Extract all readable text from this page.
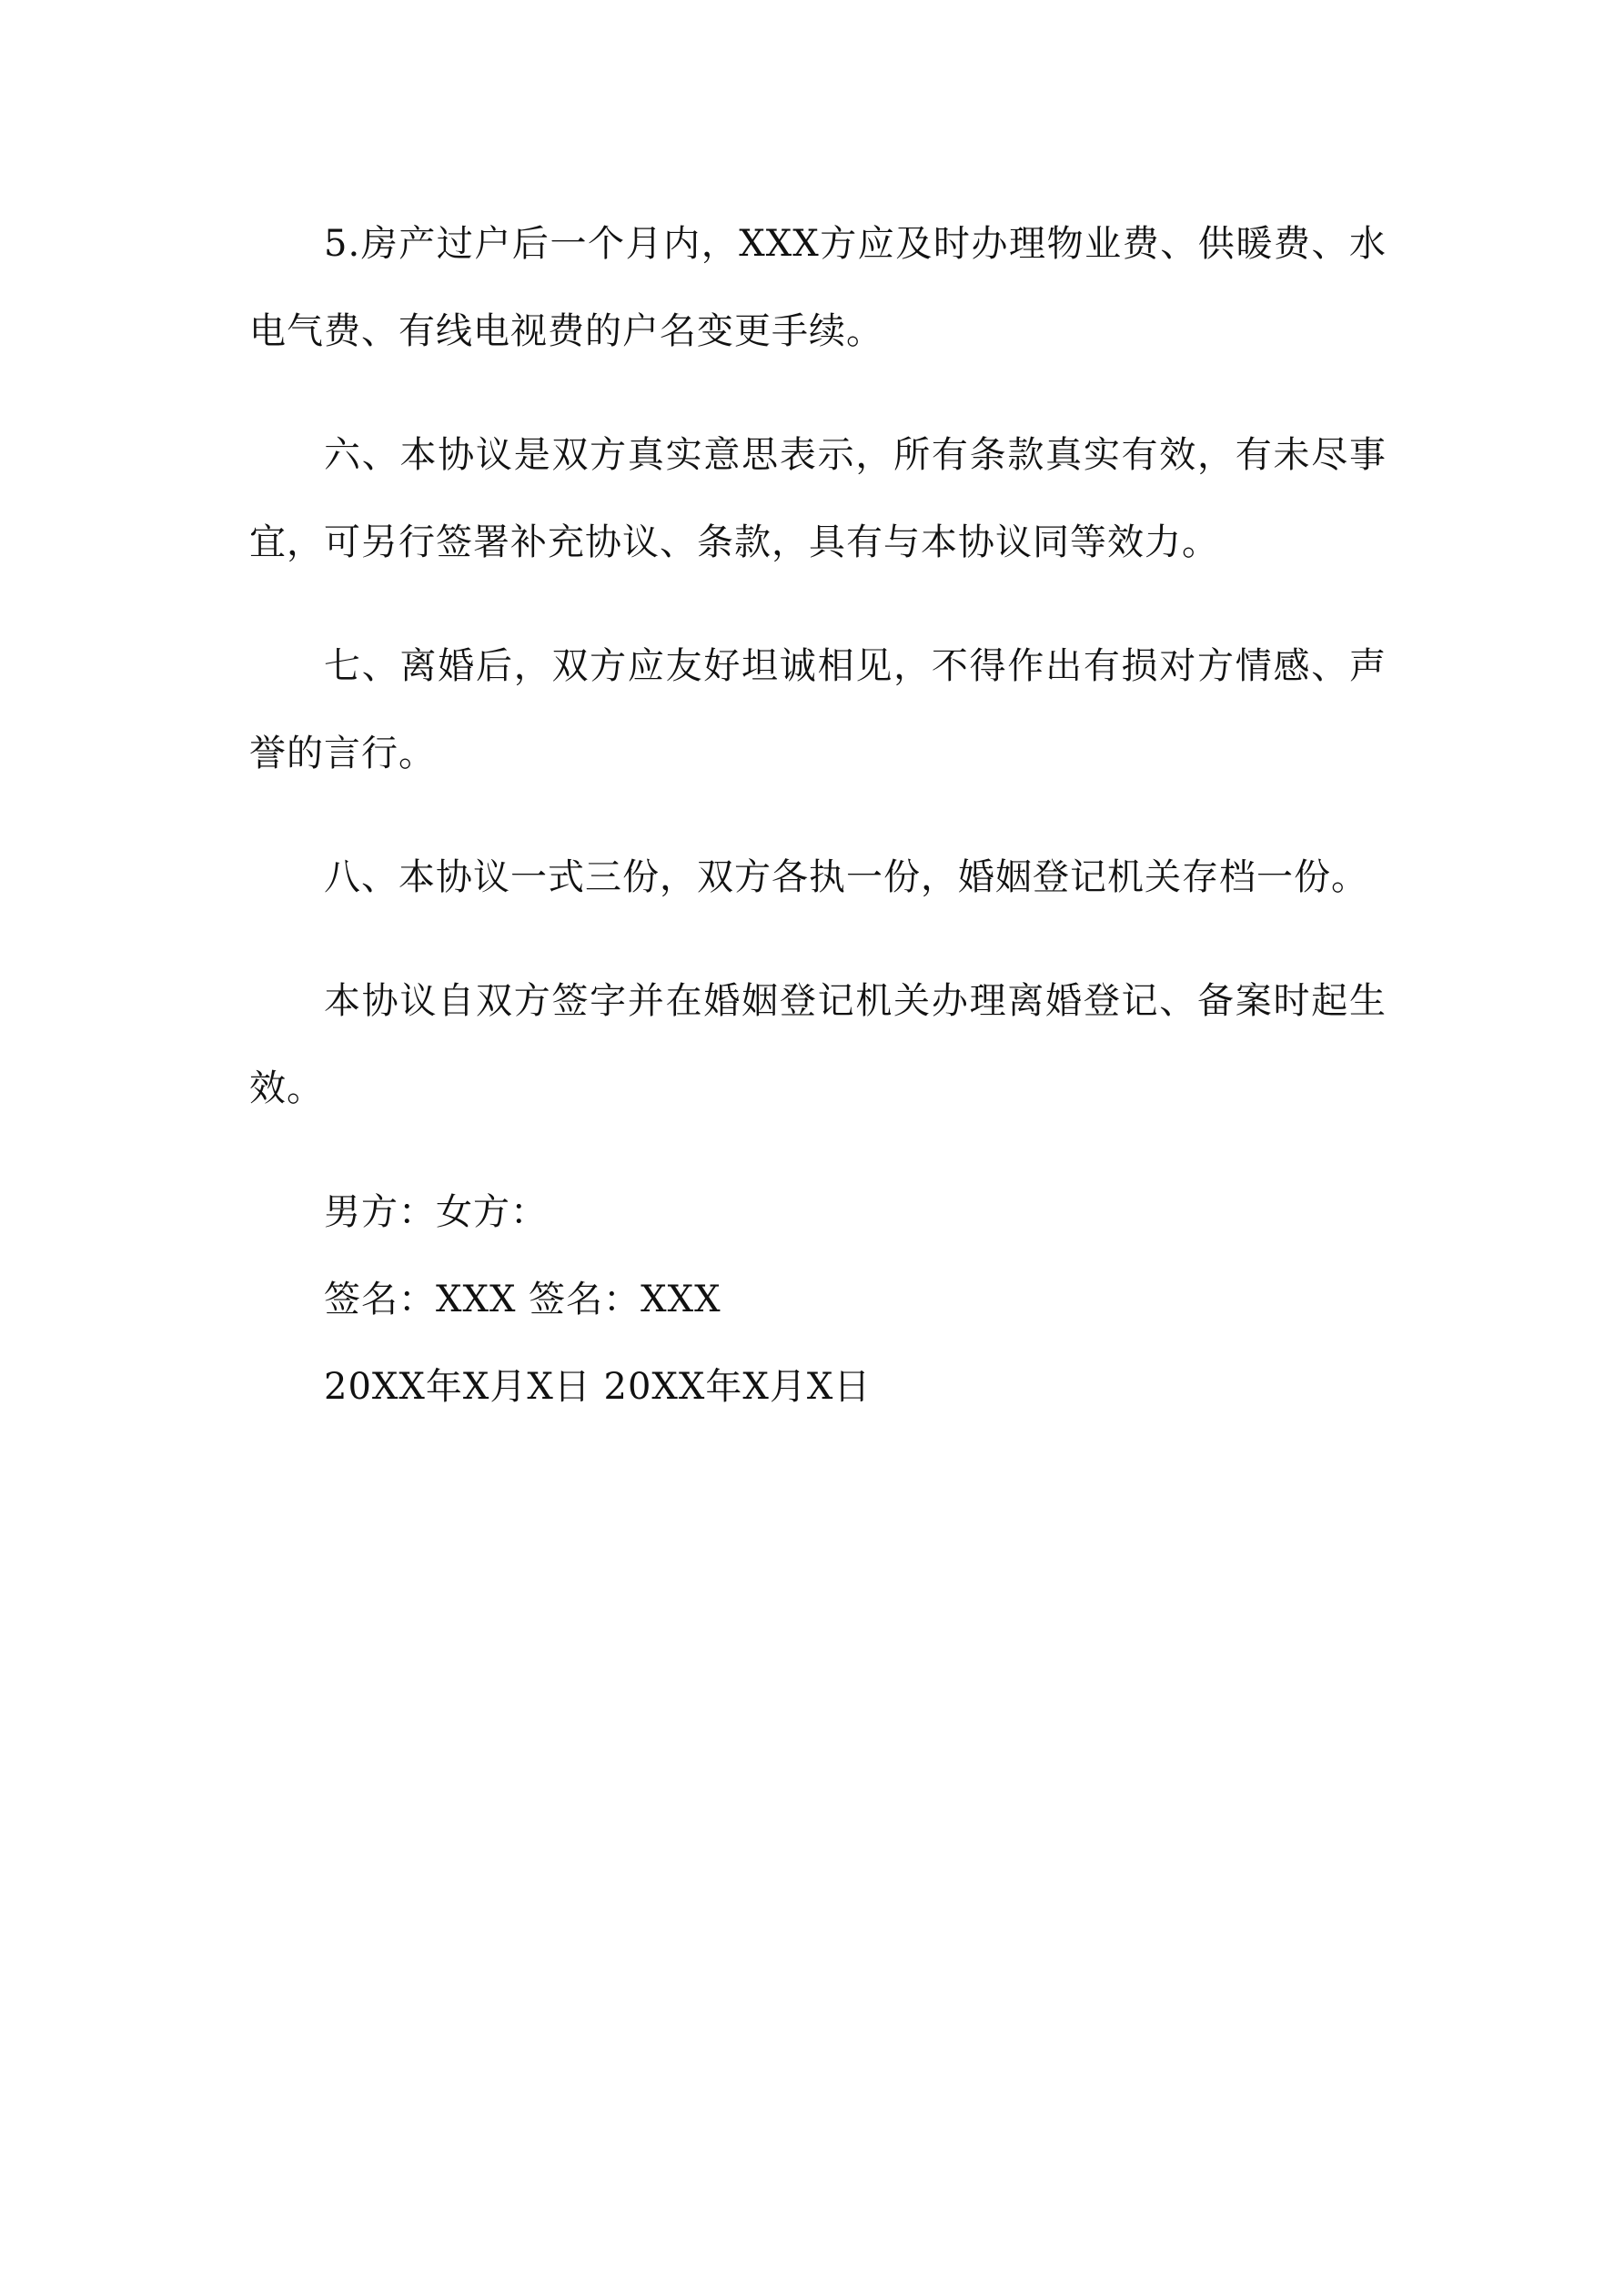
5.房产过户后一个月内，XXX方应及时办理物业费、供暖费、水电气费、有线电视费的户名变更手续。

六、本协议是双方真实意思表示，所有条款真实有效，有未尽事宜，可另行签署补充协议、条款，具有与本协议同等效力。

七、离婚后，双方应友好坦诚相见，不得作出有损对方情感、声誉的言行。

八、本协议一式三份，双方各执一份，婚姻登记机关存档一份。

本协议自双方签字并在婚姻登记机关办理离婚登记、备案时起生效。

男方：女方：

签名：XXX 签名：XXX

20XX年X月X日 20XX年X月X日
